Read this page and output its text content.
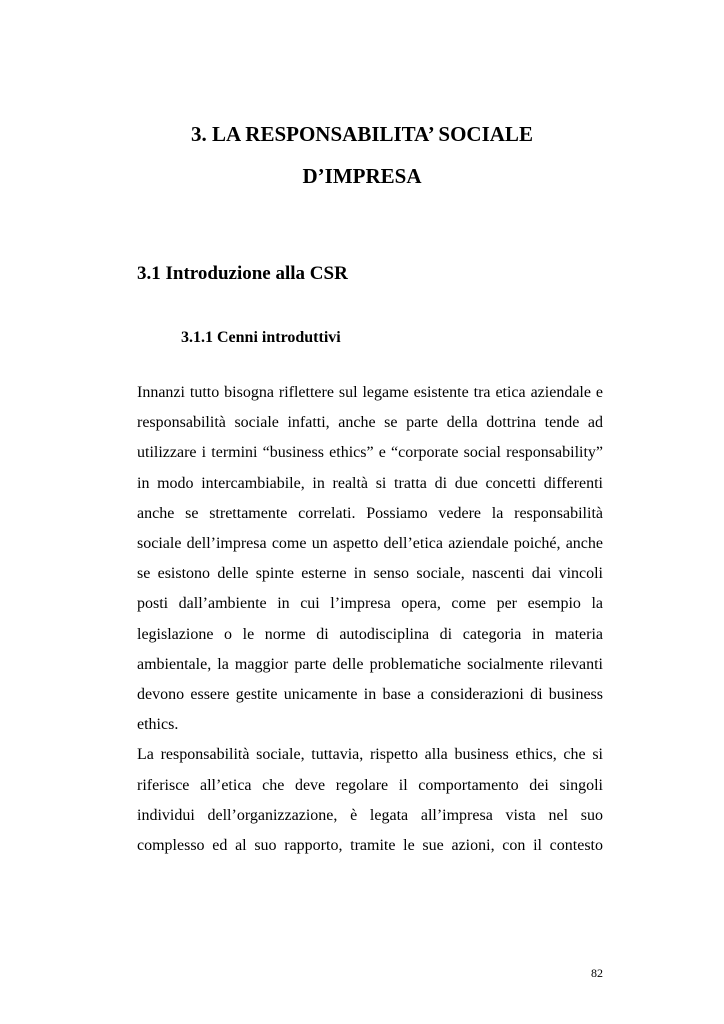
3. LA RESPONSABILITA’ SOCIALE
D’IMPRESA
3.1 Introduzione alla CSR
3.1.1 Cenni introduttivi

Innanzi tutto bisogna riflettere sul legame esistente tra etica aziendale e responsabilità sociale infatti, anche se parte della dottrina tende ad utilizzare i termini “business ethics” e “corporate social responsability” in modo intercambiabile, in realtà si tratta di due concetti differenti anche se strettamente correlati. Possiamo vedere la responsabilità sociale dell’impresa come un aspetto dell’etica aziendale poiché, anche se esistono delle spinte esterne in senso sociale, nascenti dai vincoli posti dall’ambiente in cui l’impresa opera, come per esempio la legislazione o le norme di autodisciplina di categoria in materia ambientale, la maggior parte delle problematiche socialmente rilevanti devono essere gestite unicamente in base a considerazioni di business ethics.

La responsabilità sociale, tuttavia, rispetto alla business ethics, che si riferisce all’etica che deve regolare il comportamento dei singoli individui dell’organizzazione, è legata all’impresa vista nel suo complesso ed al suo rapporto, tramite le sue azioni, con il contesto

82
